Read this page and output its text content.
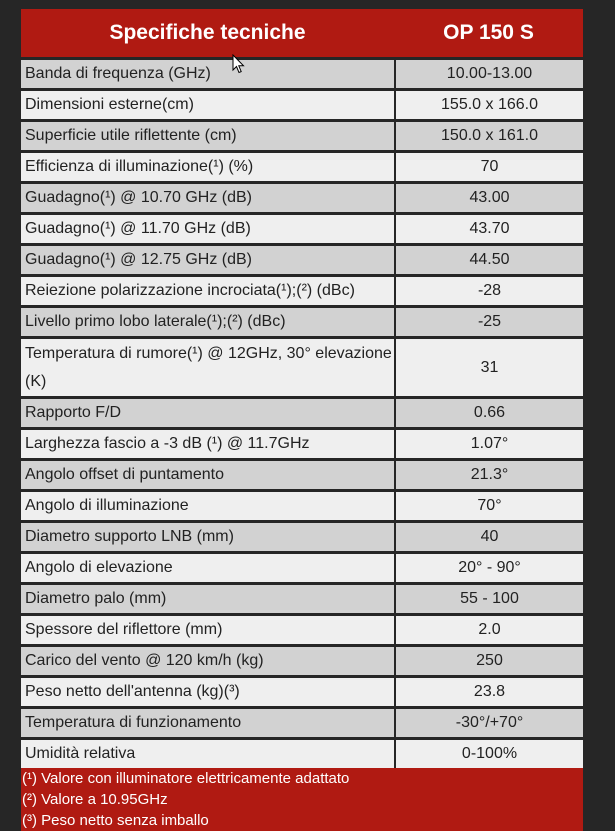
Specifiche tecniche	OP 150 S
Banda di frequenza (GHz)	10.00-13.00
Dimensioni esterne(cm)	155.0 x 166.0
Superficie utile riflettente (cm)	150.0 x 161.0
Efficienza di illuminazione(¹) (%)	70
Guadagno(¹) @ 10.70 GHz (dB)	43.00
Guadagno(¹) @ 11.70 GHz (dB)	43.70
Guadagno(¹) @ 12.75 GHz (dB)	44.50
Reiezione polarizzazione incrociata(¹);(²) (dBc)	-28
Livello primo lobo laterale(¹);(²) (dBc)	-25
Temperatura di rumore(¹) @ 12GHz, 30° elevazione (K)	31
Rapporto F/D	0.66
Larghezza fascio a -3 dB (¹) @ 11.7GHz	1.07°
Angolo offset di puntamento	21.3°
Angolo di illuminazione	70°
Diametro supporto LNB (mm)	40
Angolo di elevazione	20° - 90°
Diametro palo (mm)	55 - 100
Spessore del riflettore (mm)	2.0
Carico del vento @ 120 km/h (kg)	250
Peso netto dell'antenna (kg)(³)	23.8
Temperatura di funzionamento	-30°/+70°
Umidità relativa	0-100%
(¹) Valore con illuminatore elettricamente adattato
(²) Valore a 10.95GHz
(³) Peso netto senza imballo
